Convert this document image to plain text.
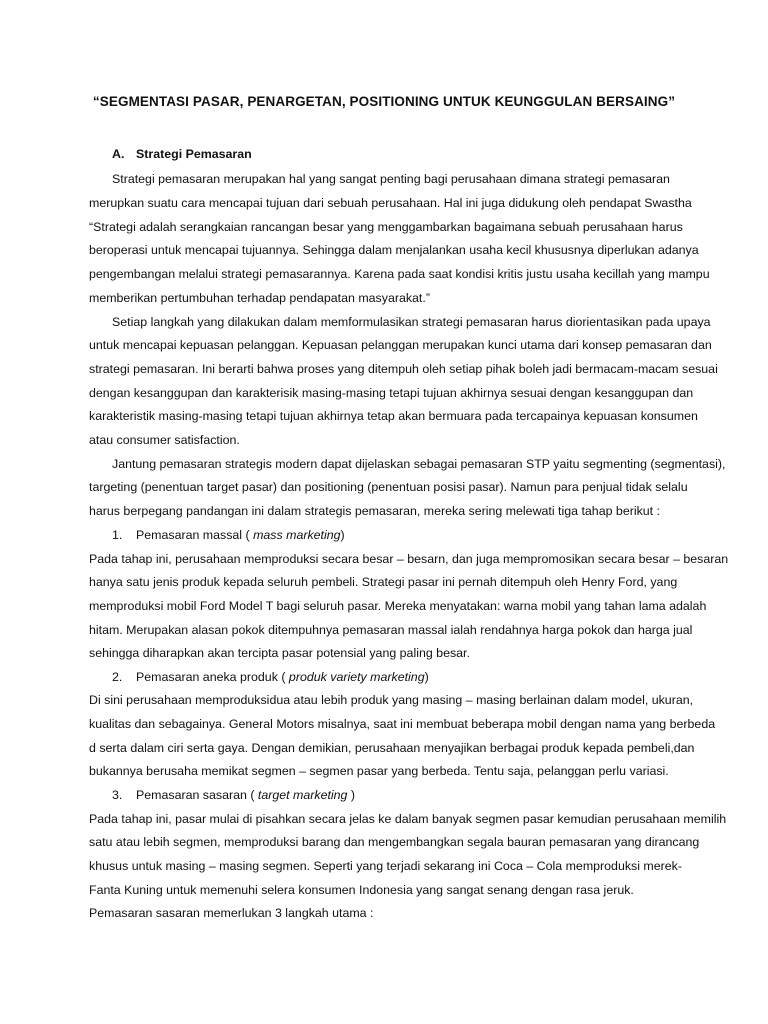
“SEGMENTASI PASAR, PENARGETAN, POSITIONING UNTUK KEUNGGULAN BERSAING”
A. Strategi Pemasaran
Strategi pemasaran merupakan hal yang sangat penting bagi perusahaan dimana strategi pemasaran
merupkan suatu cara mencapai tujuan dari sebuah perusahaan. Hal ini juga didukung oleh pendapat Swastha
“Strategi adalah serangkaian rancangan besar yang menggambarkan bagaimana sebuah perusahaan harus
beroperasi untuk mencapai tujuannya. Sehingga dalam menjalankan usaha kecil khususnya diperlukan adanya
pengembangan melalui strategi pemasarannya. Karena pada saat kondisi kritis justu usaha kecillah yang mampu
memberikan pertumbuhan terhadap pendapatan masyarakat.”
Setiap langkah yang dilakukan dalam memformulasikan strategi pemasaran harus diorientasikan pada upaya
untuk mencapai kepuasan pelanggan. Kepuasan pelanggan merupakan kunci utama dari konsep pemasaran dan
strategi pemasaran. Ini berarti bahwa proses yang ditempuh oleh setiap pihak boleh jadi bermacam-macam sesuai
dengan kesanggupan dan karakterisik masing-masing tetapi tujuan akhirnya sesuai dengan kesanggupan dan
karakteristik masing-masing tetapi tujuan akhirnya tetap akan bermuara pada tercapainya kepuasan konsumen
atau consumer satisfaction.
Jantung pemasaran strategis modern dapat dijelaskan sebagai pemasaran STP yaitu segmenting (segmentasi),
targeting (penentuan target pasar) dan positioning (penentuan posisi pasar). Namun para penjual tidak selalu
harus berpegang pandangan ini dalam strategis pemasaran, mereka sering melewati tiga tahap berikut :
1. Pemasaran massal ( mass marketing)
Pada tahap ini, perusahaan memproduksi secara besar – besarn, dan juga mempromosikan secara besar – besaran
hanya satu jenis produk kepada seluruh pembeli. Strategi pasar ini pernah ditempuh oleh Henry Ford, yang
memproduksi mobil Ford Model T bagi seluruh pasar. Mereka menyatakan: warna mobil yang tahan lama adalah
hitam. Merupakan alasan pokok ditempuhnya pemasaran massal ialah rendahnya harga pokok dan harga jual
sehingga diharapkan akan tercipta pasar potensial yang paling besar.
2. Pemasaran aneka produk ( produk variety marketing)
Di sini perusahaan memproduksidua atau lebih produk yang masing – masing berlainan dalam model, ukuran,
kualitas dan sebagainya. General Motors misalnya, saat ini membuat beberapa mobil dengan nama yang berbeda
d serta dalam ciri serta gaya. Dengan demikian, perusahaan menyajikan berbagai produk kepada pembeli,dan
bukannya berusaha memikat segmen – segmen pasar yang berbeda. Tentu saja, pelanggan perlu variasi.
3. Pemasaran sasaran ( target marketing )
Pada tahap ini, pasar mulai di pisahkan secara jelas ke dalam banyak segmen pasar kemudian perusahaan memilih
satu atau lebih segmen, memproduksi barang dan mengembangkan segala bauran pemasaran yang dirancang
khusus untuk masing – masing segmen. Seperti yang terjadi sekarang ini Coca – Cola memproduksi merek-
Fanta Kuning untuk memenuhi selera konsumen Indonesia yang sangat senang dengan rasa jeruk.
Pemasaran sasaran memerlukan 3 langkah utama :
